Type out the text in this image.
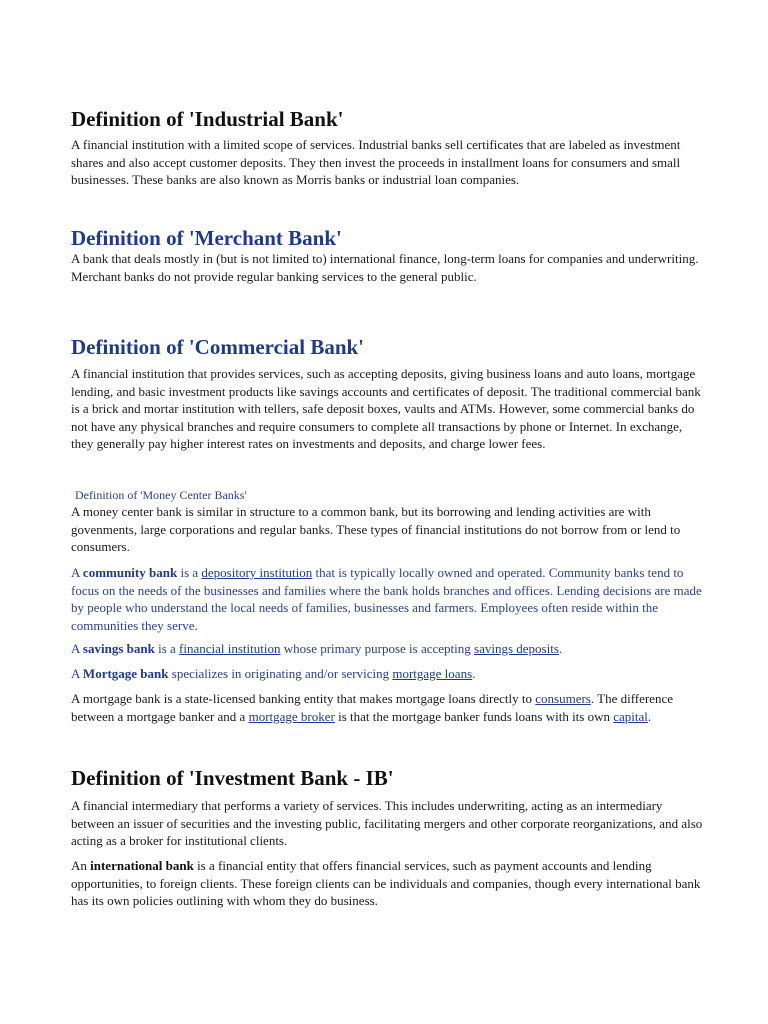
Definition of 'Industrial Bank'

A financial institution with a limited scope of services. Industrial banks sell certificates that are labeled as investment shares and also accept customer deposits. They then invest the proceeds in installment loans for consumers and small businesses. These banks are also known as Morris banks or industrial loan companies.

Definition of 'Merchant Bank'

A bank that deals mostly in (but is not limited to) international finance, long-term loans for companies and underwriting. Merchant banks do not provide regular banking services to the general public.

Definition of 'Commercial Bank'

A financial institution that provides services, such as accepting deposits, giving business loans and auto loans, mortgage lending, and basic investment products like savings accounts and certificates of deposit. The traditional commercial bank is a brick and mortar institution with tellers, safe deposit boxes, vaults and ATMs. However, some commercial banks do not have any physical branches and require consumers to complete all transactions by phone or Internet. In exchange, they generally pay higher interest rates on investments and deposits, and charge lower fees.

Definition of 'Money Center Banks'

A money center bank is similar in structure to a common bank, but its borrowing and lending activities are with govenments, large corporations and regular banks. These types of financial institutions do not borrow from or lend to consumers.

A community bank is a depository institution that is typically locally owned and operated. Community banks tend to focus on the needs of the businesses and families where the bank holds branches and offices. Lending decisions are made by people who understand the local needs of families, businesses and farmers. Employees often reside within the communities they serve.

A savings bank is a financial institution whose primary purpose is accepting savings deposits.

A Mortgage bank specializes in originating and/or servicing mortgage loans.

A mortgage bank is a state-licensed banking entity that makes mortgage loans directly to consumers. The difference between a mortgage banker and a mortgage broker is that the mortgage banker funds loans with its own capital.

Definition of 'Investment Bank - IB'

A financial intermediary that performs a variety of services. This includes underwriting, acting as an intermediary between an issuer of securities and the investing public, facilitating mergers and other corporate reorganizations, and also acting as a broker for institutional clients.

An international bank is a financial entity that offers financial services, such as payment accounts and lending opportunities, to foreign clients. These foreign clients can be individuals and companies, though every international bank has its own policies outlining with whom they do business.
